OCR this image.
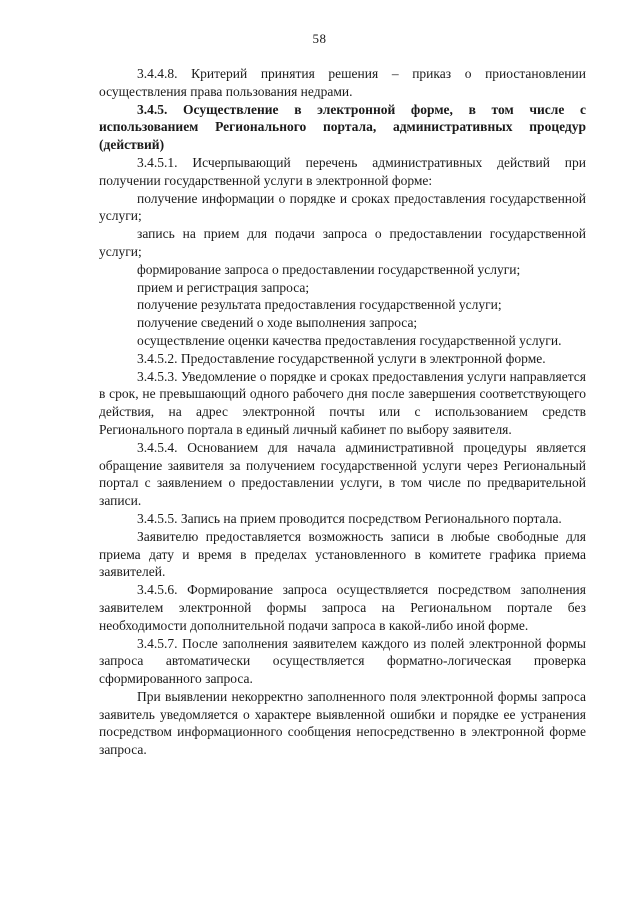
58

3.4.4.8. Критерий принятия решения – приказ о приостановлении осуществления права пользования недрами.

3.4.5. Осуществление в электронной форме, в том числе с использованием Регионального портала, административных процедур (действий)

3.4.5.1. Исчерпывающий перечень административных действий при получении государственной услуги в электронной форме:

получение информации о порядке и сроках предоставления государственной услуги;

запись на прием для подачи запроса о предоставлении государственной услуги;

формирование запроса о предоставлении государственной услуги;

прием и регистрация запроса;

получение результата предоставления государственной услуги;

получение сведений о ходе выполнения запроса;

осуществление оценки качества предоставления государственной услуги.

3.4.5.2. Предоставление государственной услуги в электронной форме.

3.4.5.3. Уведомление о порядке и сроках предоставления услуги направляется в срок, не превышающий одного рабочего дня после завершения соответствующего действия, на адрес электронной почты или с использованием средств Регионального портала в единый личный кабинет по выбору заявителя.

3.4.5.4. Основанием для начала административной процедуры является обращение заявителя за получением государственной услуги через Региональный портал с заявлением о предоставлении услуги, в том числе по предварительной записи.

3.4.5.5. Запись на прием проводится посредством Регионального портала.

Заявителю предоставляется возможность записи в любые свободные для приема дату и время в пределах установленного в комитете графика приема заявителей.

3.4.5.6. Формирование запроса осуществляется посредством заполнения заявителем электронной формы запроса на Региональном портале без необходимости дополнительной подачи запроса в какой-либо иной форме.

3.4.5.7. После заполнения заявителем каждого из полей электронной формы запроса автоматически осуществляется форматно-логическая проверка сформированного запроса.

При выявлении некорректно заполненного поля электронной формы запроса заявитель уведомляется о характере выявленной ошибки и порядке ее устранения посредством информационного сообщения непосредственно в электронной форме запроса.
